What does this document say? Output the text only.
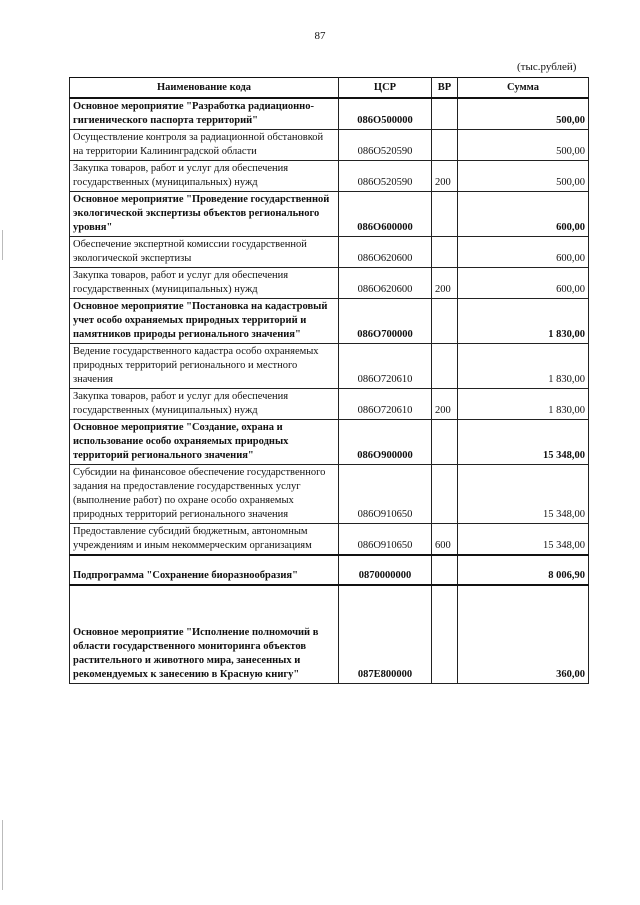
87
(тыс.рублей)
Наименование кода	ЦСР	ВР	Сумма
Основное мероприятие "Разработка радиационно-гигиенического паспорта территорий"	086О500000		500,00
Осуществление контроля за радиационной обстановкой на территории Калининградской области	086О520590		500,00
Закупка товаров, работ и услуг для обеспечения государственных (муниципальных) нужд	086О520590	200	500,00
Основное мероприятие "Проведение государственной экологической экспертизы объектов регионального уровня"	086О600000		600,00
Обеспечение экспертной комиссии государственной экологической экспертизы	086О620600		600,00
Закупка товаров, работ и услуг для обеспечения государственных (муниципальных) нужд	086О620600	200	600,00
Основное мероприятие "Постановка на кадастровый учет особо охраняемых природных территорий и памятников природы регионального значения"	086О700000		1 830,00
Ведение государственного кадастра особо охраняемых природных территорий регионального и местного значения	086О720610		1 830,00
Закупка товаров, работ и услуг для обеспечения государственных (муниципальных) нужд	086О720610	200	1 830,00
Основное мероприятие "Создание, охрана и использование особо охраняемых природных территорий регионального значения"	086О900000		15 348,00
Субсидии на финансовое обеспечение государственного задания на предоставление государственных услуг (выполнение работ) по охране особо охраняемых природных территорий регионального значения	086О910650		15 348,00
Предоставление субсидий бюджетным, автономным учреждениям и иным некоммерческим организациям	086О910650	600	15 348,00
Подпрограмма "Сохранение биоразнообразия"	0870000000		8 006,90
Основное мероприятие "Исполнение полномочий в области государственного мониторинга объектов растительного и животного мира, занесенных и рекомендуемых к занесению в Красную книгу"	087Е800000		360,00
